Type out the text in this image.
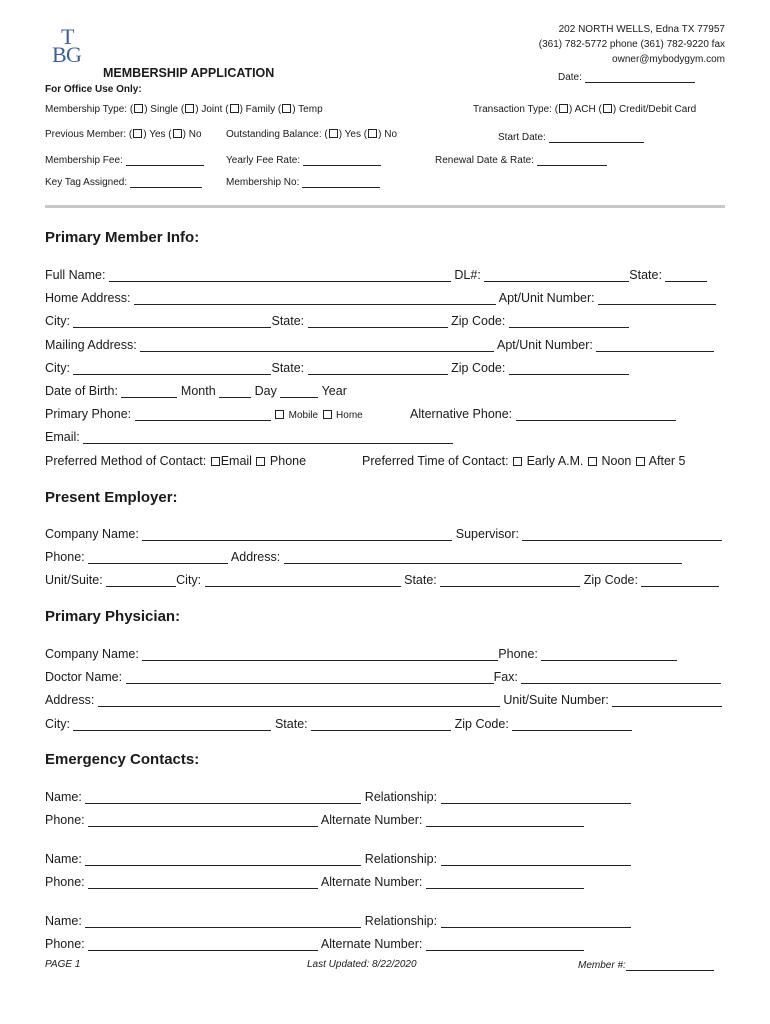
T
B G
202 NORTH WELLS, Edna TX 77957
(361) 782-5772 phone (361) 782-9220 fax
owner@mybodygym.com
MEMBERSHIP APPLICATION	Date:
For Office Use Only:
Membership Type: ( ) Single ( ) Joint ( ) Family ( ) Temp	Transaction Type: ( ) ACH ( ) Credit/Debit Card
Previous Member: ( ) Yes ( ) No Outstanding Balance: ( ) Yes ( ) No	Start Date:
Membership Fee:	Yearly Fee Rate:	Renewal Date & Rate:
Key Tag Assigned:	Membership No:
Primary Member Info:
Full Name:	DL#:	State:
Home Address:	Apt/Unit Number:
City:	State:	Zip Code:
Mailing Address:	Apt/Unit Number:
City:	State:	Zip Code:
Date of Birth:	Month	Day	Year
Primary Phone:	Mobile Home	Alternative Phone:
Email:
Preferred Method of Contact: Email Phone	Preferred Time of Contact: Early A.M. Noon After 5
Present Employer:
Company Name:	Supervisor:
Phone:	Address:
Unit/Suite:	City:	State:	Zip Code:
Primary Physician:
Company Name:	Phone:
Doctor Name:	Fax:
Address:	Unit/Suite Number:
City:	State:	Zip Code:
Emergency Contacts:
Name:	Relationship:
Phone:	Alternate Number:
Name:	Relationship:
Phone:	Alternate Number:
Name:	Relationship:
Phone:	Alternate Number:
PAGE 1	Last Updated: 8/22/2020	Member #:
